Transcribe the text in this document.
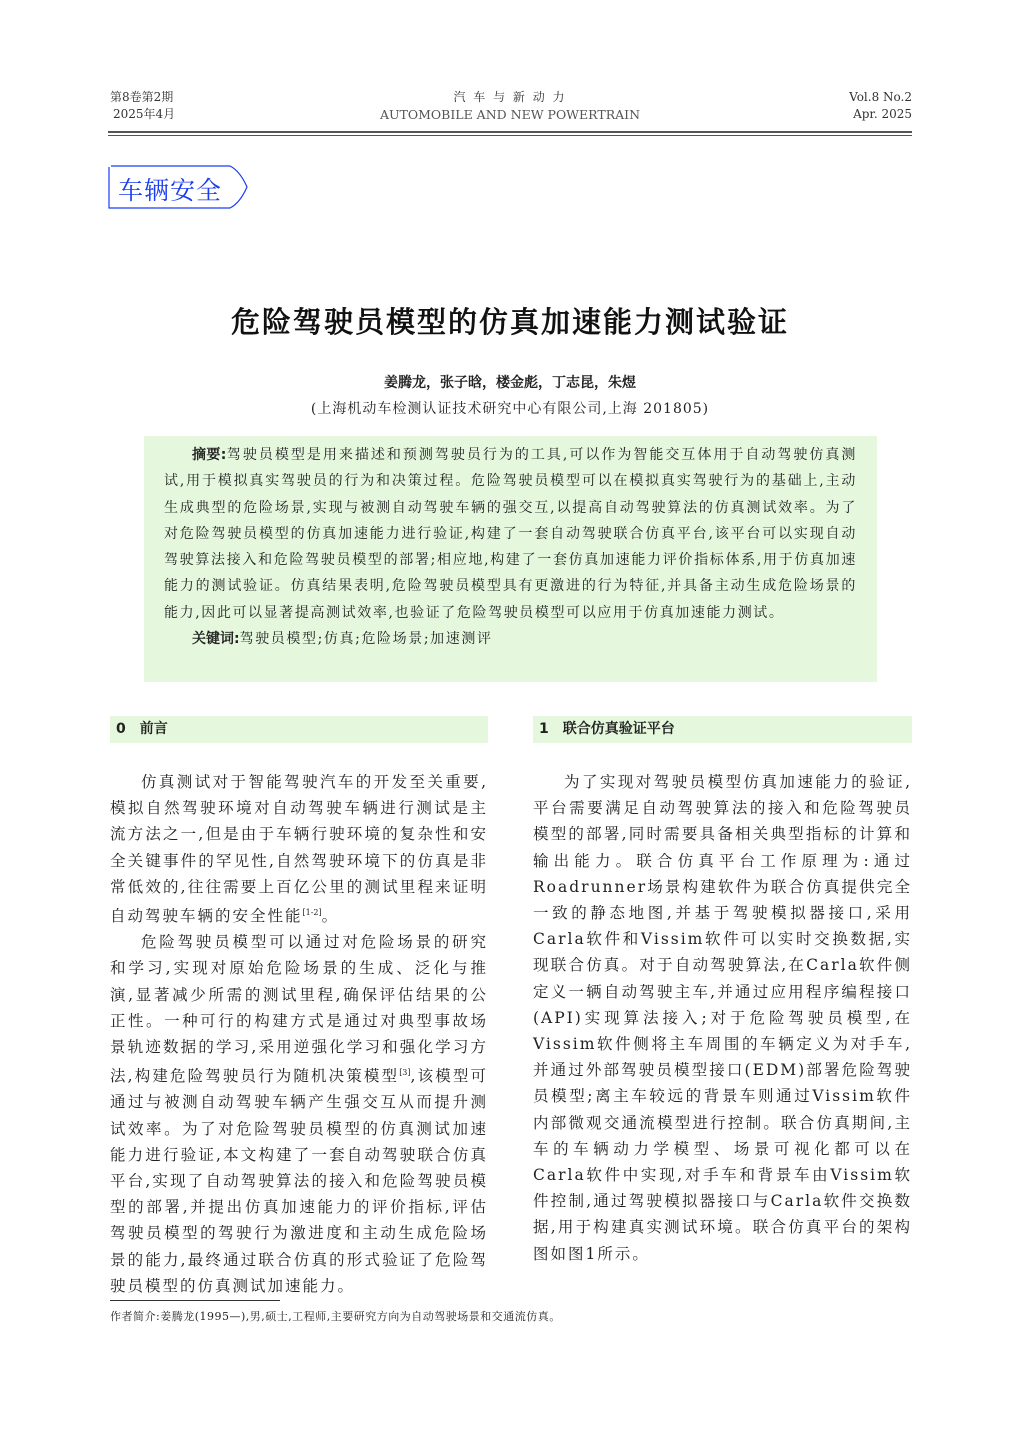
第8卷第2期
2025年4月
汽 车 与 新 动 力
AUTOMOBILE AND NEW POWERTRAIN
Vol.8 No.2
Apr. 2025
车辆安全
危险驾驶员模型的仿真加速能力测试验证
姜腾龙，张子晗，楼金彪，丁志昆，朱煜
(上海机动车检测认证技术研究中心有限公司,上海 201805)

摘要:驾驶员模型是用来描述和预测驾驶员行为的工具,可以作为智能交互体用于自动驾驶仿真测试,用于模拟真实驾驶员的行为和决策过程。危险驾驶员模型可以在模拟真实驾驶行为的基础上,主动生成典型的危险场景,实现与被测自动驾驶车辆的强交互,以提高自动驾驶算法的仿真测试效率。为了对危险驾驶员模型的仿真加速能力进行验证,构建了一套自动驾驶联合仿真平台,该平台可以实现自动驾驶算法接入和危险驾驶员模型的部署;相应地,构建了一套仿真加速能力评价指标体系,用于仿真加速能力的测试验证。仿真结果表明,危险驾驶员模型具有更激进的行为特征,并具备主动生成危险场景的能力,因此可以显著提高测试效率,也验证了危险驾驶员模型可以应用于仿真加速能力测试。

关键词:驾驶员模型;仿真;危险场景;加速测评

0　前言

仿真测试对于智能驾驶汽车的开发至关重要,模拟自然驾驶环境对自动驾驶车辆进行测试是主流方法之一,但是由于车辆行驶环境的复杂性和安全关键事件的罕见性,自然驾驶环境下的仿真是非常低效的,往往需要上百亿公里的测试里程来证明自动驾驶车辆的安全性能[1-2]。

危险驾驶员模型可以通过对危险场景的研究和学习,实现对原始危险场景的生成、泛化与推演,显著减少所需的测试里程,确保评估结果的公正性。一种可行的构建方式是通过对典型事故场景轨迹数据的学习,采用逆强化学习和强化学习方法,构建危险驾驶员行为随机决策模型[3],该模型可通过与被测自动驾驶车辆产生强交互从而提升测试效率。为了对危险驾驶员模型的仿真测试加速能力进行验证,本文构建了一套自动驾驶联合仿真平台,实现了自动驾驶算法的接入和危险驾驶员模型的部署,并提出仿真加速能力的评价指标,评估驾驶员模型的驾驶行为激进度和主动生成危险场景的能力,最终通过联合仿真的形式验证了危险驾驶员模型的仿真测试加速能力。

1　联合仿真验证平台

为了实现对驾驶员模型仿真加速能力的验证,平台需要满足自动驾驶算法的接入和危险驾驶员模型的部署,同时需要具备相关典型指标的计算和输出能力。联合仿真平台工作原理为:通过Roadrunner场景构建软件为联合仿真提供完全一致的静态地图,并基于驾驶模拟器接口,采用Carla软件和Vissim软件可以实时交换数据,实现联合仿真。对于自动驾驶算法,在Carla软件侧定义一辆自动驾驶主车,并通过应用程序编程接口(API)实现算法接入;对于危险驾驶员模型,在Vissim软件侧将主车周围的车辆定义为对手车,并通过外部驾驶员模型接口(EDM)部署危险驾驶员模型;离主车较远的背景车则通过Vissim软件内部微观交通流模型进行控制。联合仿真期间,主车的车辆动力学模型、场景可视化都可以在Carla软件中实现,对手车和背景车由Vissim软件控制,通过驾驶模拟器接口与Carla软件交换数据,用于构建真实测试环境。联合仿真平台的架构图如图1所示。

作者简介:姜腾龙(1995—),男,硕士,工程师,主要研究方向为自动驾驶场景和交通流仿真。
